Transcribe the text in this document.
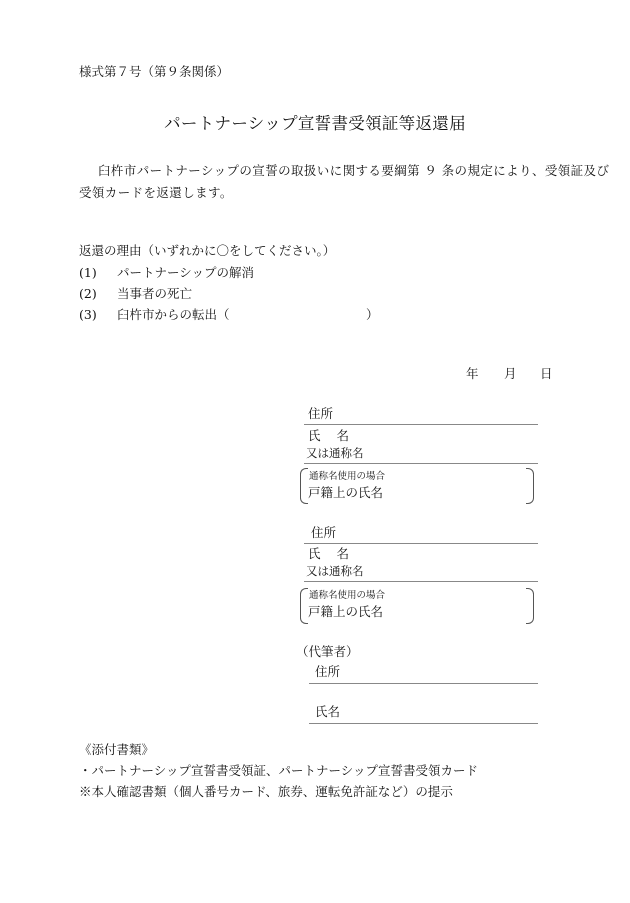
様式第７号（第９条関係）
パートナーシップ宣誓書受領証等返還届
臼杵市パートナーシップの宣誓の取扱いに関する要綱第 ９ 条の規定により、受領証及び
受領カードを返還します。
返還の理由（いずれかに〇をしてください。）
(1) パートナーシップの解消
(2) 当事者の死亡
(3) 臼杵市からの転出（	）
年 月 日
住所
氏 名
又は通称名
通称名使用の場合
戸籍上の氏名
住所
氏 名
又は通称名
通称名使用の場合
戸籍上の氏名
（代筆者）
住所
氏名
《添付書類》
・パートナーシップ宣誓書受領証、パートナーシップ宣誓書受領カード
※本人確認書類（個人番号カード、旅券、運転免許証など）の提示
